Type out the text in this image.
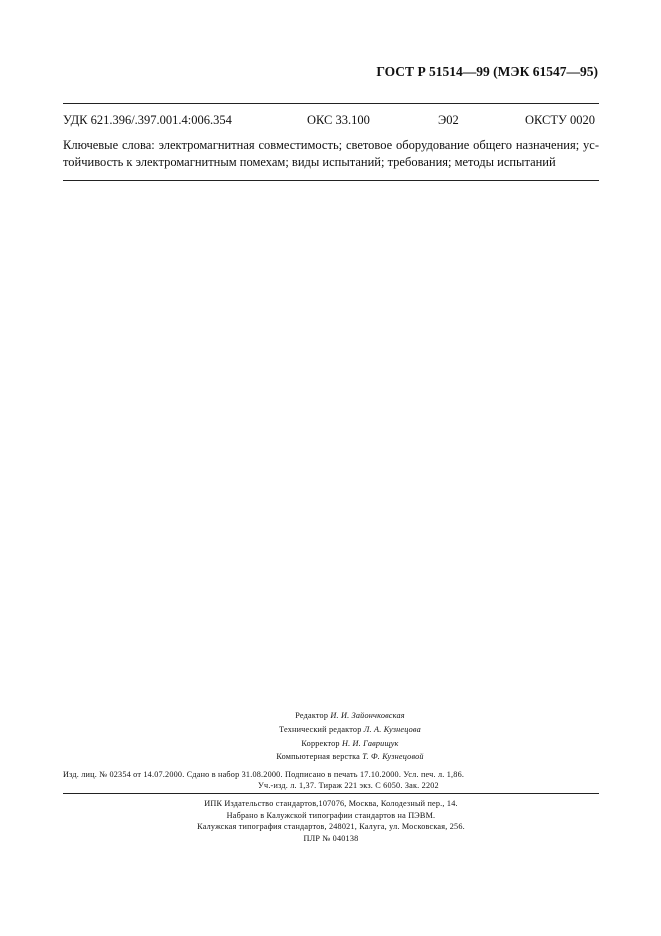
ГОСТ Р 51514—99 (МЭК 61547—95)
УДК 621.396/.397.001.4:006.354	ОКС 33.100	Э02	ОКСТУ 0020
Ключевые слова: электромагнитная совместимость; световое оборудование общего назначения; ус-тойчивость к электромагнитным помехам; виды испытаний; требования; методы испытаний
Редактор И. И. Зайончковская
Технический редактор Л. А. Кузнецова
Корректор Н. И. Гаврищук
Компьютерная верстка Т. Ф. Кузнецовой
Изд. лиц. № 02354 от 14.07.2000. Сдано в набор 31.08.2000. Подписано в печать 17.10.2000. Усл. печ. л. 1,86.
Уч.-изд. л. 1,37. Тираж 221 экз. С 6050. Зак. 2202
ИПК Издательство стандартов,107076, Москва, Колодезный пер., 14.
Набрано в Калужской типографии стандартов на ПЭВМ.
Калужская типография стандартов, 248021, Калуга, ул. Московская, 256.
ПЛР № 040138
